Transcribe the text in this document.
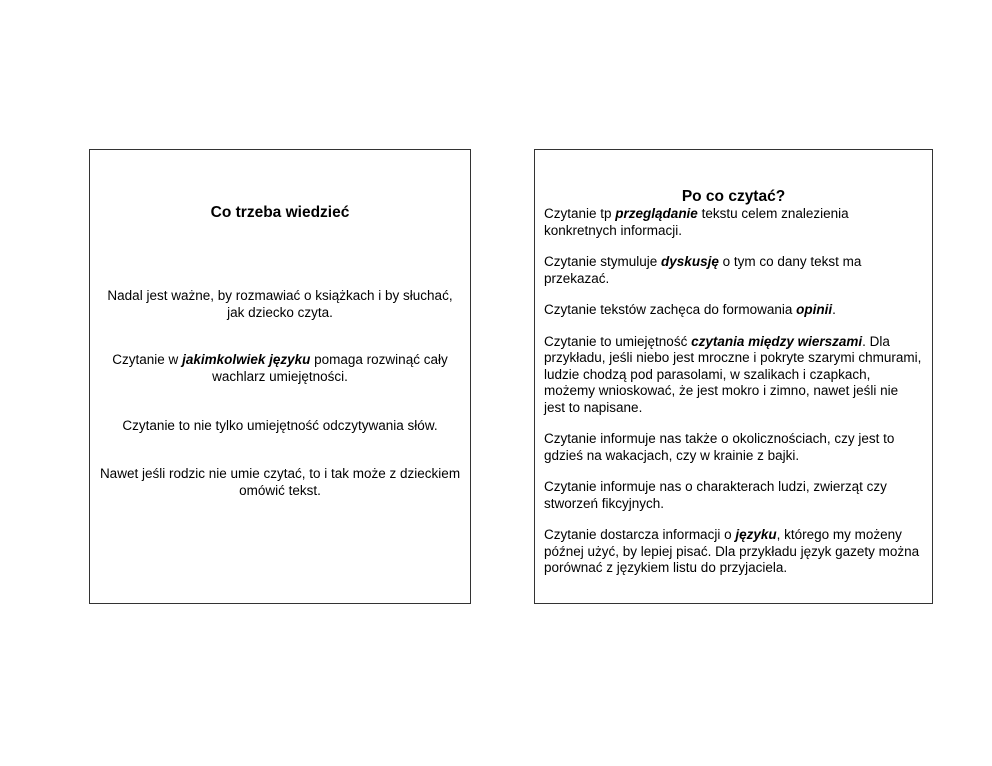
Co trzeba wiedzieć

Nadal jest ważne, by rozmawiać o książkach i by słuchać, jak dziecko czyta.

Czytanie w jakimkolwiek języku pomaga rozwinąć cały wachlarz umiejętności.

Czytanie to nie tylko umiejętność odczytywania słów.

Nawet jeśli rodzic nie umie czytać, to i tak może z dzieckiem omówić tekst.

Po co czytać?

Czytanie tp przeglądanie tekstu celem znalezienia konkretnych informacji.

Czytanie stymuluje dyskusję o tym co dany tekst ma przekazać.

Czytanie tekstów zachęca do formowania opinii.

Czytanie to umiejętność czytania między wierszami. Dla przykładu, jeśli niebo jest mroczne i pokryte szarymi chmurami, ludzie chodzą pod parasolami, w szalikach i czapkach, możemy wnioskować, że jest mokro i zimno, nawet jeśli nie jest to napisane.

Czytanie informuje nas także o okolicznościach, czy jest to gdzieś na wakacjach, czy w krainie z bajki.

Czytanie informuje nas o charakterach ludzi, zwierząt czy stworzeń fikcyjnych.

Czytanie dostarcza informacji o języku, którego my możeny późnej użyć, by lepiej pisać. Dla przykładu język gazety można porównać z językiem listu do przyjaciela.
